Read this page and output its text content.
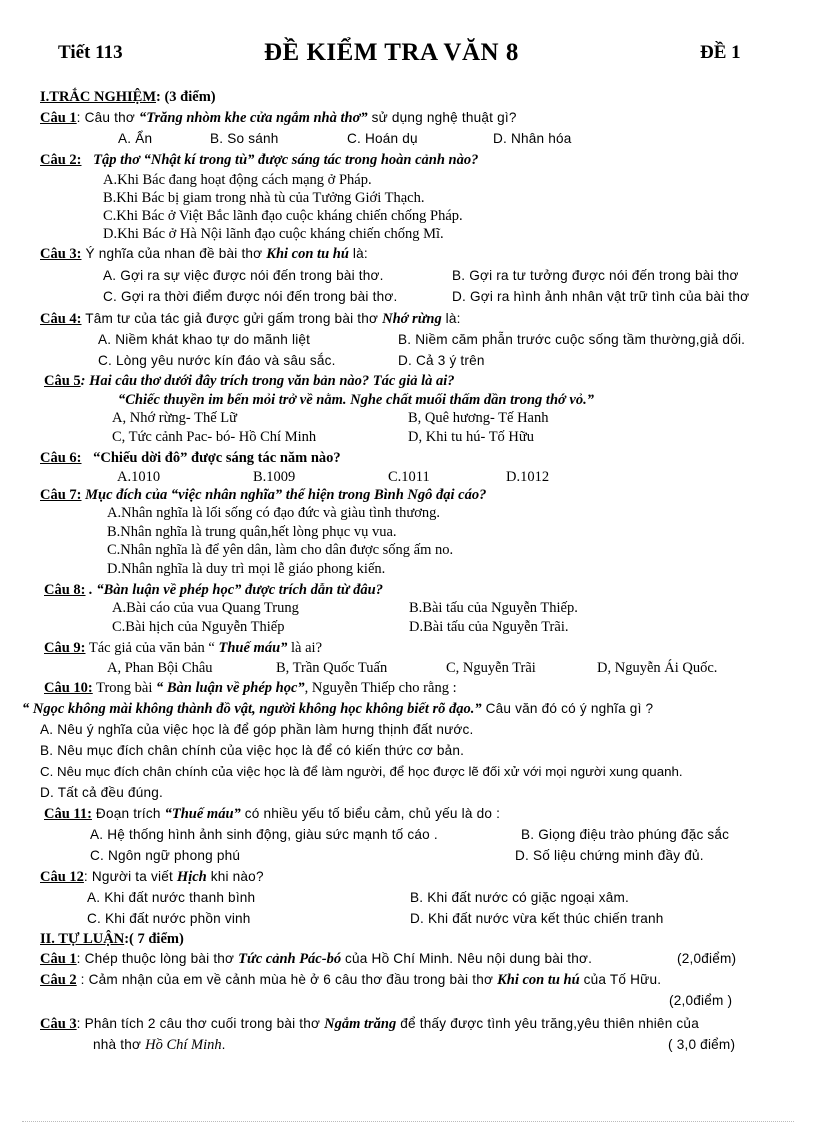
Tiết 113	ĐỀ KIỂM TRA VĂN 8	ĐỀ 1
I.TRẮC NGHIỆM: (3 điểm)
Câu 1: Câu thơ “Trăng nhòm khe cửa ngắm nhà thơ” sử dụng nghệ thuật gì?
A. Ẩn	B. So sánh	C. Hoán dụ	D. Nhân hóa
Câu 2: Tập thơ “Nhật kí trong tù” được sáng tác trong hoàn cảnh nào?
A.Khi Bác đang hoạt động cách mạng ở Pháp.
B.Khi Bác bị giam trong nhà tù của Tưởng Giới Thạch.
C.Khi Bác ở Việt Bắc lãnh đạo cuộc kháng chiến chống Pháp.
D.Khi Bác ở Hà Nội lãnh đạo cuộc kháng chiến chống Mĩ.
Câu 3: Ý nghĩa của nhan đề bài thơ Khi con tu hú là:
A. Gợi ra sự việc được nói đến trong bài thơ.	B. Gợi ra tư tưởng được nói đến trong bài thơ
C. Gợi ra thời điểm được nói đến trong bài thơ.	D. Gợi ra hình ảnh nhân vật trữ tình của bài thơ
Câu 4: Tâm tư của tác giả được gửi gấm trong bài thơ Nhớ rừng là:
A. Niềm khát khao tự do mãnh liệt	B. Niềm căm phẫn trước cuộc sống tầm thường,giả dối.
C. Lòng yêu nước kín đáo và sâu sắc.	D. Cả 3 ý trên
Câu 5: Hai câu thơ dưới đây trích trong văn bản nào? Tác giả là ai?
“Chiếc thuyền im bến mỏi trở về nằm. Nghe chất muối thấm dần trong thớ vỏ.”
A, Nhớ rừng- Thế Lữ	B, Quê hương- Tế Hanh
C, Tức cảnh Pac- bó- Hồ Chí Minh	D, Khi tu hú- Tố Hữu
Câu 6: “Chiếu dời đô” được sáng tác năm nào?
A.1010	B.1009	C.1011	D.1012
Câu 7: Mục đích của “việc nhân nghĩa” thể hiện trong Bình Ngô đại cáo?
A.Nhân nghĩa là lối sống có đạo đức và giàu tình thương.
B.Nhân nghĩa là trung quân,hết lòng phục vụ vua.
C.Nhân nghĩa là để yên dân, làm cho dân được sống ấm no.
D.Nhân nghĩa là duy trì mọi lễ giáo phong kiến.
Câu 8: . “Bàn luận về phép học” được trích dẫn từ đâu?
A.Bài cáo của vua Quang Trung	B.Bài tấu của Nguyễn Thiếp.
C.Bài hịch của Nguyễn Thiếp	D.Bài tấu của Nguyễn Trãi.
Câu 9: Tác giả của văn bản “ Thuế máu” là ai?
A, Phan Bội Châu	B, Trần Quốc Tuấn	C, Nguyễn Trãi	D, Nguyễn Ái Quốc.
Câu 10: Trong bài “ Bàn luận về phép học”, Nguyễn Thiếp cho rằng :
“ Ngọc không mài không thành đồ vật, người không học không biết rõ đạo.” Câu văn đó có ý nghĩa gì ?
A. Nêu ý nghĩa của việc học là để góp phần làm hưng thịnh đất nước.
B. Nêu mục đích chân chính của việc học là để có kiến thức cơ bản.
C. Nêu mục đích chân chính của việc học là để làm người, để học được lẽ đối xử với mọi người xung quanh.
D. Tất cả đều đúng.
Câu 11: Đoạn trích “Thuế máu” có nhiều yếu tố biểu cảm, chủ yếu là do :
A. Hệ thống hình ảnh sinh động, giàu sức mạnh tố cáo .	B. Giọng điệu trào phúng đặc sắc
C. Ngôn ngữ phong phú	D. Số liệu chứng minh đầy đủ.
Câu 12: Người ta viết Hịch khi nào?
A. Khi đất nước thanh bình	B. Khi đất nước có giặc ngoại xâm.
C. Khi đất nước phồn vinh	D. Khi đất nước vừa kết thúc chiến tranh
II. TỰ LUẬN:( 7 điểm)
Câu 1: Chép thuộc lòng bài thơ Tức cảnh Pác-bó của Hồ Chí Minh. Nêu nội dung bài thơ.	(2,0điểm)
Câu 2 : Cảm nhận của em về cảnh mùa hè ở 6 câu thơ đầu trong bài thơ Khi con tu hú của Tố Hữu.
(2,0điểm )
Câu 3: Phân tích 2 câu thơ cuối trong bài thơ Ngắm trăng để thấy được tình yêu trăng,yêu thiên nhiên của
nhà thơ Hồ Chí Minh.	( 3,0 điểm)
